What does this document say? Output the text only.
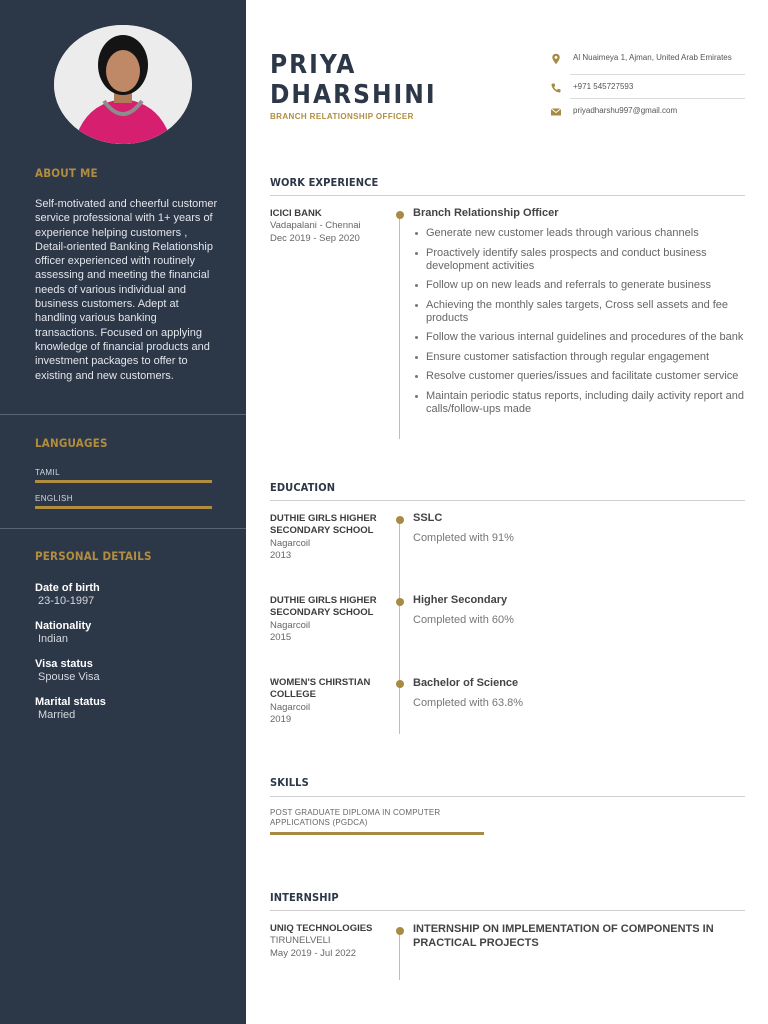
ABOUT ME

Self-motivated and cheerful customer service professional with 1+ years of experience helping customers , Detail-oriented Banking Relationship officer experienced with routinely assessing and meeting the financial needs of various individual and business customers. Adept at handling various banking transactions. Focused on applying knowledge of financial products and investment packages to offer to existing and new customers.

LANGUAGES
TAMIL
ENGLISH
PERSONAL DETAILS
Date of birth
23-10-1997
Nationality
Indian
Visa status
Spouse Visa
Marital status
Married
PRIYA
DHARSHINI
BRANCH RELATIONSHIP OFFICER
Al Nuaimeya 1, Ajman, United Arab Emirates
+971 545727593
priyadharshu997@gmail.com
WORK EXPERIENCE
ICICI BANK
Vadapalani - Chennai
Dec 2019 - Sep 2020
Branch Relationship Officer
Generate new customer leads through various channels
Proactively identify sales prospects and conduct business development activities
Follow up on new leads and referrals to generate business
Achieving the monthly sales targets, Cross sell assets and fee products
Follow the various internal guidelines and procedures of the bank
Ensure customer satisfaction through regular engagement
Resolve customer queries/issues and facilitate customer service
Maintain periodic status reports, including daily activity report and calls/follow-ups made
EDUCATION
DUTHIE GIRLS HIGHER SECONDARY SCHOOL
Nagarcoil
2013
SSLC
Completed with 91%
DUTHIE GIRLS HIGHER SECONDARY SCHOOL
Nagarcoil
2015
Higher Secondary
Completed with 60%
WOMEN'S CHIRSTIAN COLLEGE
Nagarcoil
2019
Bachelor of Science
Completed with 63.8%
SKILLS
POST GRADUATE DIPLOMA IN COMPUTER APPLICATIONS (PGDCA)
INTERNSHIP
UNIQ TECHNOLOGIES
TIRUNELVELI
May 2019 - Jul 2022
INTERNSHIP ON IMPLEMENTATION OF COMPONENTS IN PRACTICAL PROJECTS
